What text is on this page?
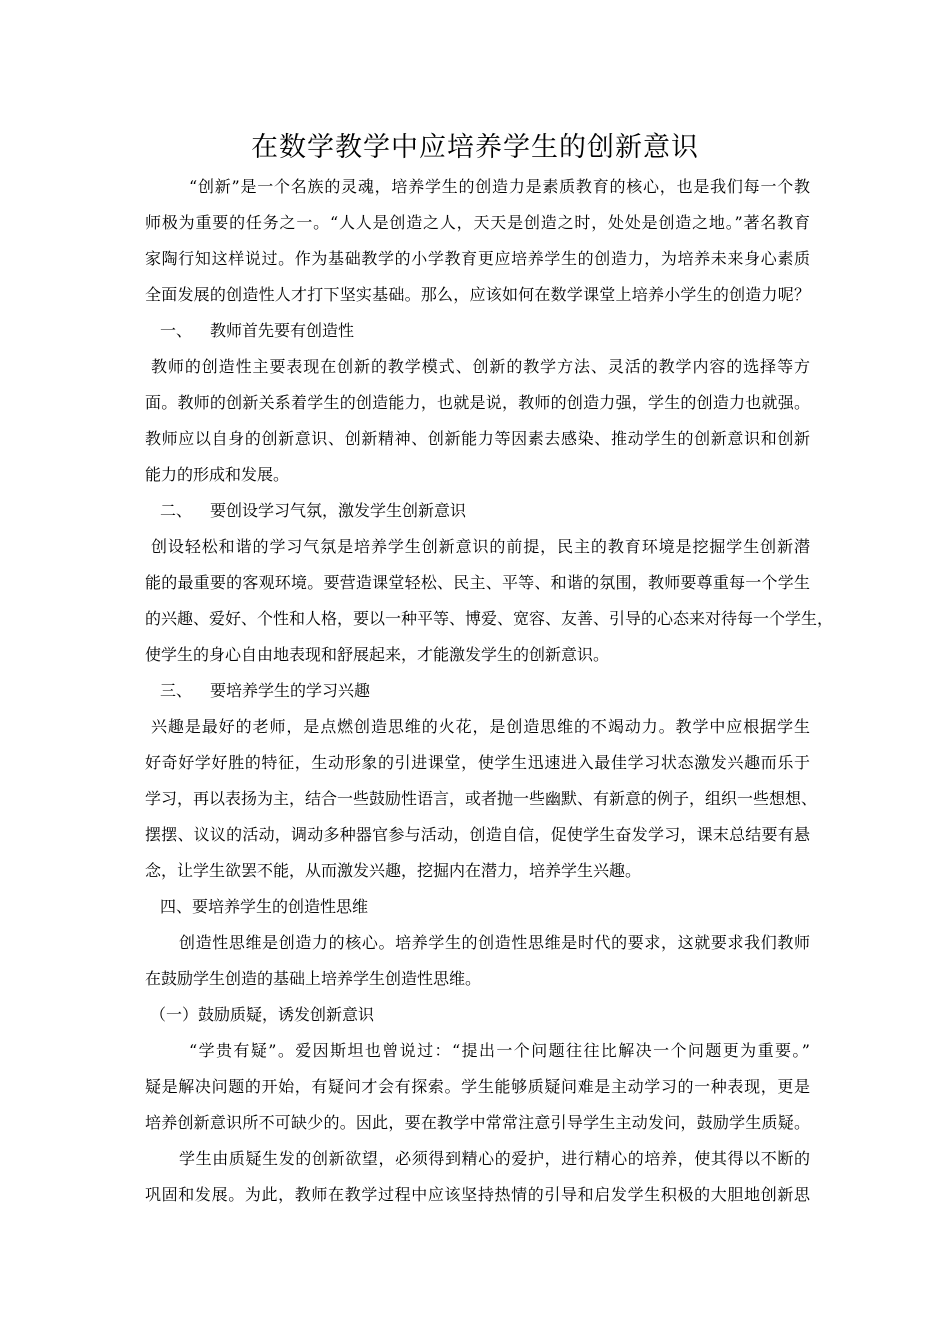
在数学教学中应培养学生的创新意识
“创新”是一个名族的灵魂，培养学生的创造力是素质教育的核心，也是我们每一个教
师极为重要的任务之一。“人人是创造之人，天天是创造之时，处处是创造之地。”著名教育
家陶行知这样说过。作为基础教学的小学教育更应培养学生的创造力，为培养未来身心素质
全面发展的创造性人才打下坚实基础。那么，应该如何在数学课堂上培养小学生的创造力呢？
一、 教师首先要有创造性
教师的创造性主要表现在创新的教学模式、创新的教学方法、灵活的教学内容的选择等方
面。教师的创新关系着学生的创造能力，也就是说，教师的创造力强，学生的创造力也就强。
教师应以自身的创新意识、创新精神、创新能力等因素去感染、推动学生的创新意识和创新
能力的形成和发展。
二、 要创设学习气氛，激发学生创新意识
创设轻松和谐的学习气氛是培养学生创新意识的前提，民主的教育环境是挖掘学生创新潜
能的最重要的客观环境。要营造课堂轻松、民主、平等、和谐的氛围，教师要尊重每一个学生
的兴趣、爱好、个性和人格，要以一种平等、博爱、宽容、友善、引导的心态来对待每一个学生，
使学生的身心自由地表现和舒展起来，才能激发学生的创新意识。
三、 要培养学生的学习兴趣
兴趣是最好的老师，是点燃创造思维的火花，是创造思维的不竭动力。教学中应根据学生
好奇好学好胜的特征，生动形象的引进课堂，使学生迅速进入最佳学习状态激发兴趣而乐于
学习，再以表扬为主，结合一些鼓励性语言，或者抛一些幽默、有新意的例子，组织一些想想、
摆摆、议议的活动，调动多种器官参与活动，创造自信，促使学生奋发学习，课末总结要有悬
念，让学生欲罢不能，从而激发兴趣，挖掘内在潜力，培养学生兴趣。
四、要培养学生的创造性思维
创造性思维是创造力的核心。培养学生的创造性思维是时代的要求，这就要求我们教师
在鼓励学生创造的基础上培养学生创造性思维。
（一）鼓励质疑，诱发创新意识
“学贵有疑”。爱因斯坦也曾说过：“提出一个问题往往比解决一个问题更为重要。”
疑是解决问题的开始，有疑问才会有探索。学生能够质疑问难是主动学习的一种表现，更是
培养创新意识所不可缺少的。因此，要在教学中常常注意引导学生主动发问，鼓励学生质疑。
学生由质疑生发的创新欲望，必须得到精心的爱护，进行精心的培养，使其得以不断的
巩固和发展。为此，教师在教学过程中应该坚持热情的引导和启发学生积极的大胆地创新思
